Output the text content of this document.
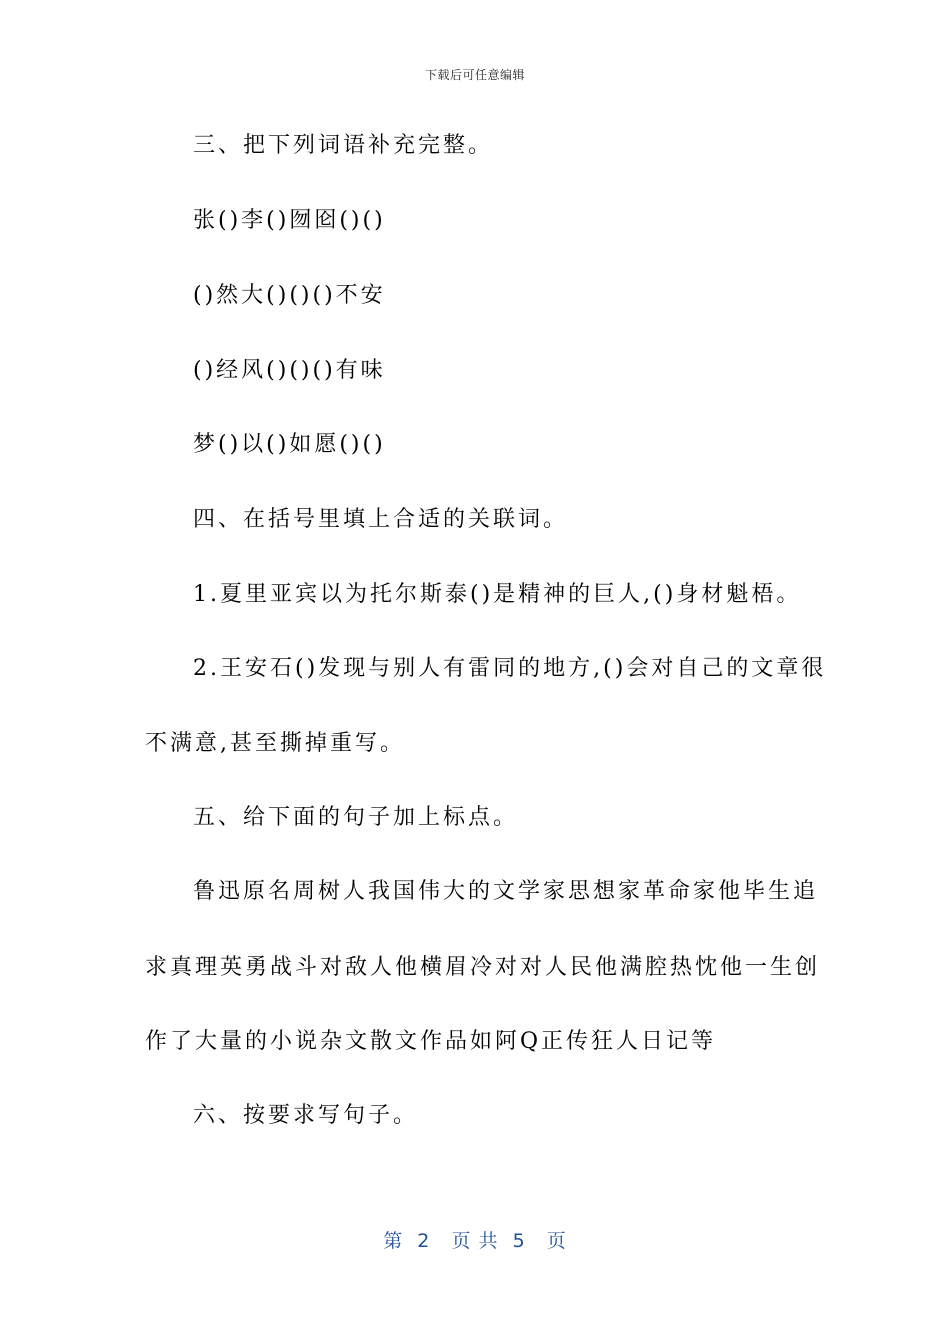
下载后可任意编辑
三、把下列词语补充完整。
张()李()囫囵()()
()然大()()()不安
()经风()()()有味
梦()以()如愿()()
四、在括号里填上合适的关联词。
1.夏里亚宾以为托尔斯泰()是精神的巨人,()身材魁梧。
2.王安石()发现与别人有雷同的地方,()会对自己的文章很
不满意,甚至撕掉重写。
五、给下面的句子加上标点。
鲁迅原名周树人我国伟大的文学家思想家革命家他毕生追
求真理英勇战斗对敌人他横眉冷对对人民他满腔热忱他一生创
作了大量的小说杂文散文作品如阿Q正传狂人日记等
六、按要求写句子。
第  2   页 共  5   页
